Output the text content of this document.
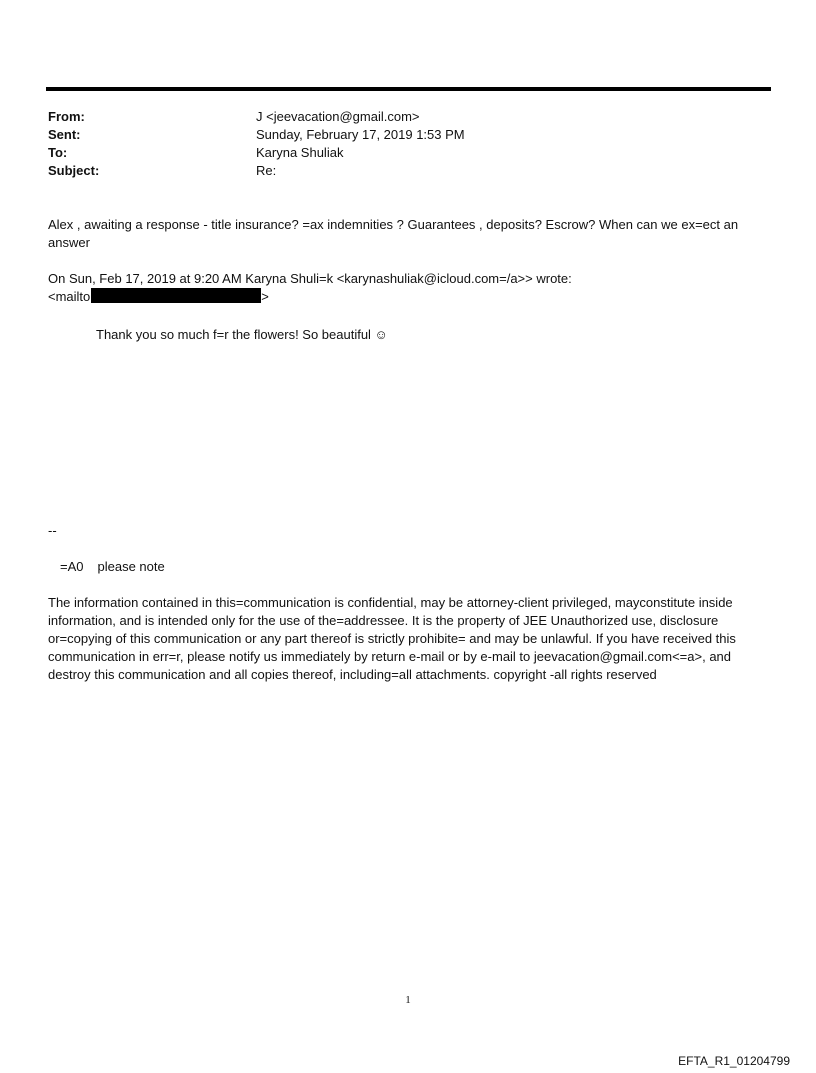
From:	J <jeevacation@gmail.com>
Sent:	Sunday, February 17, 2019 1:53 PM
To:	Karyna Shuliak
Subject:	Re:
Alex , awaiting a response - title insurance? =ax indemnities ? Guarantees , deposits? Escrow? When can we ex=ect an answer
On Sun, Feb 17, 2019 at 9:20 AM Karyna Shuli=k <karynashuliak@icloud.com=/a>> wrote:
<mailto	>
Thank you so much f=r the flowers! So beautiful ☺
--
=A0 please note
The information contained in this=communication is confidential, may be attorney-client privileged, mayconstitute inside information, and is intended only for the use of the=addressee. It is the property of JEE Unauthorized use, disclosure or=copying of this communication or any part thereof is strictly prohibite= and may be unlawful. If you have received this communication in err=r, please notify us immediately by return e-mail or by e-mail to jeevacation@gmail.com<=a>, and destroy this communication and all copies thereof, including=all attachments. copyright -all rights reserved
1
EFTA_R1_01204799
